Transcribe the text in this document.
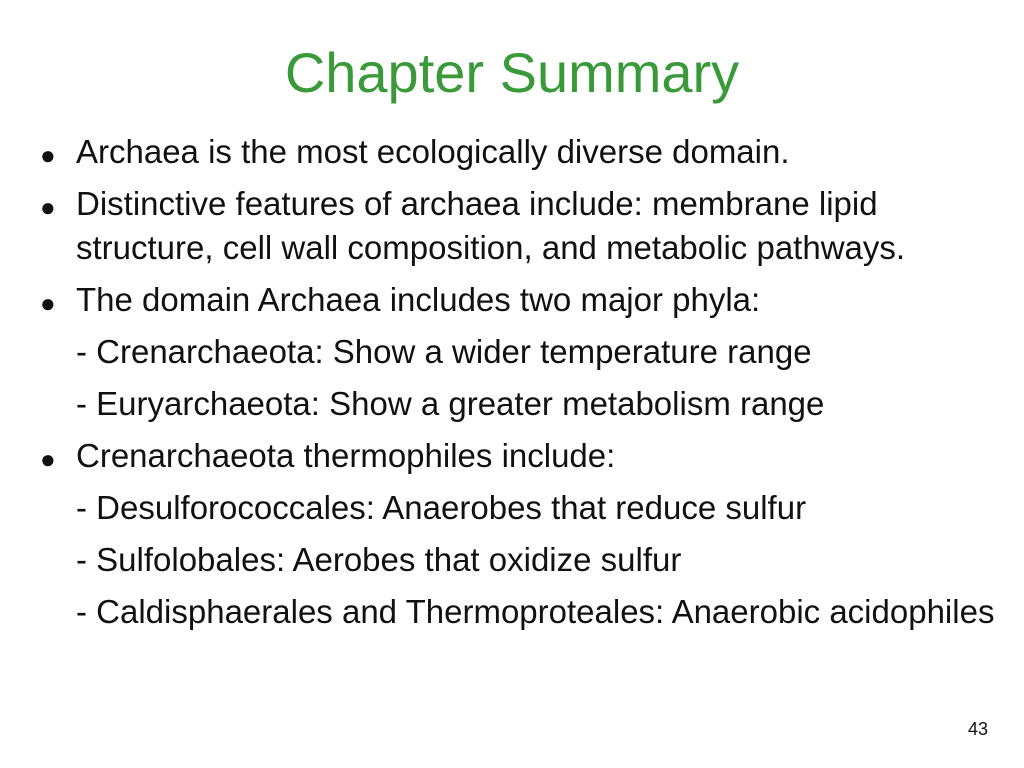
Chapter Summary
● Archaea is the most ecologically diverse domain.
● Distinctive features of archaea include: membrane lipid structure, cell wall composition, and metabolic pathways.
● The domain Archaea includes two major phyla:
- Crenarchaeota: Show a wider temperature range
- Euryarchaeota: Show a greater metabolism range
● Crenarchaeota thermophiles include:
- Desulforococcales: Anaerobes that reduce sulfur
- Sulfolobales: Aerobes that oxidize sulfur
- Caldisphaerales and Thermoproteales: Anaerobic acidophiles
43
